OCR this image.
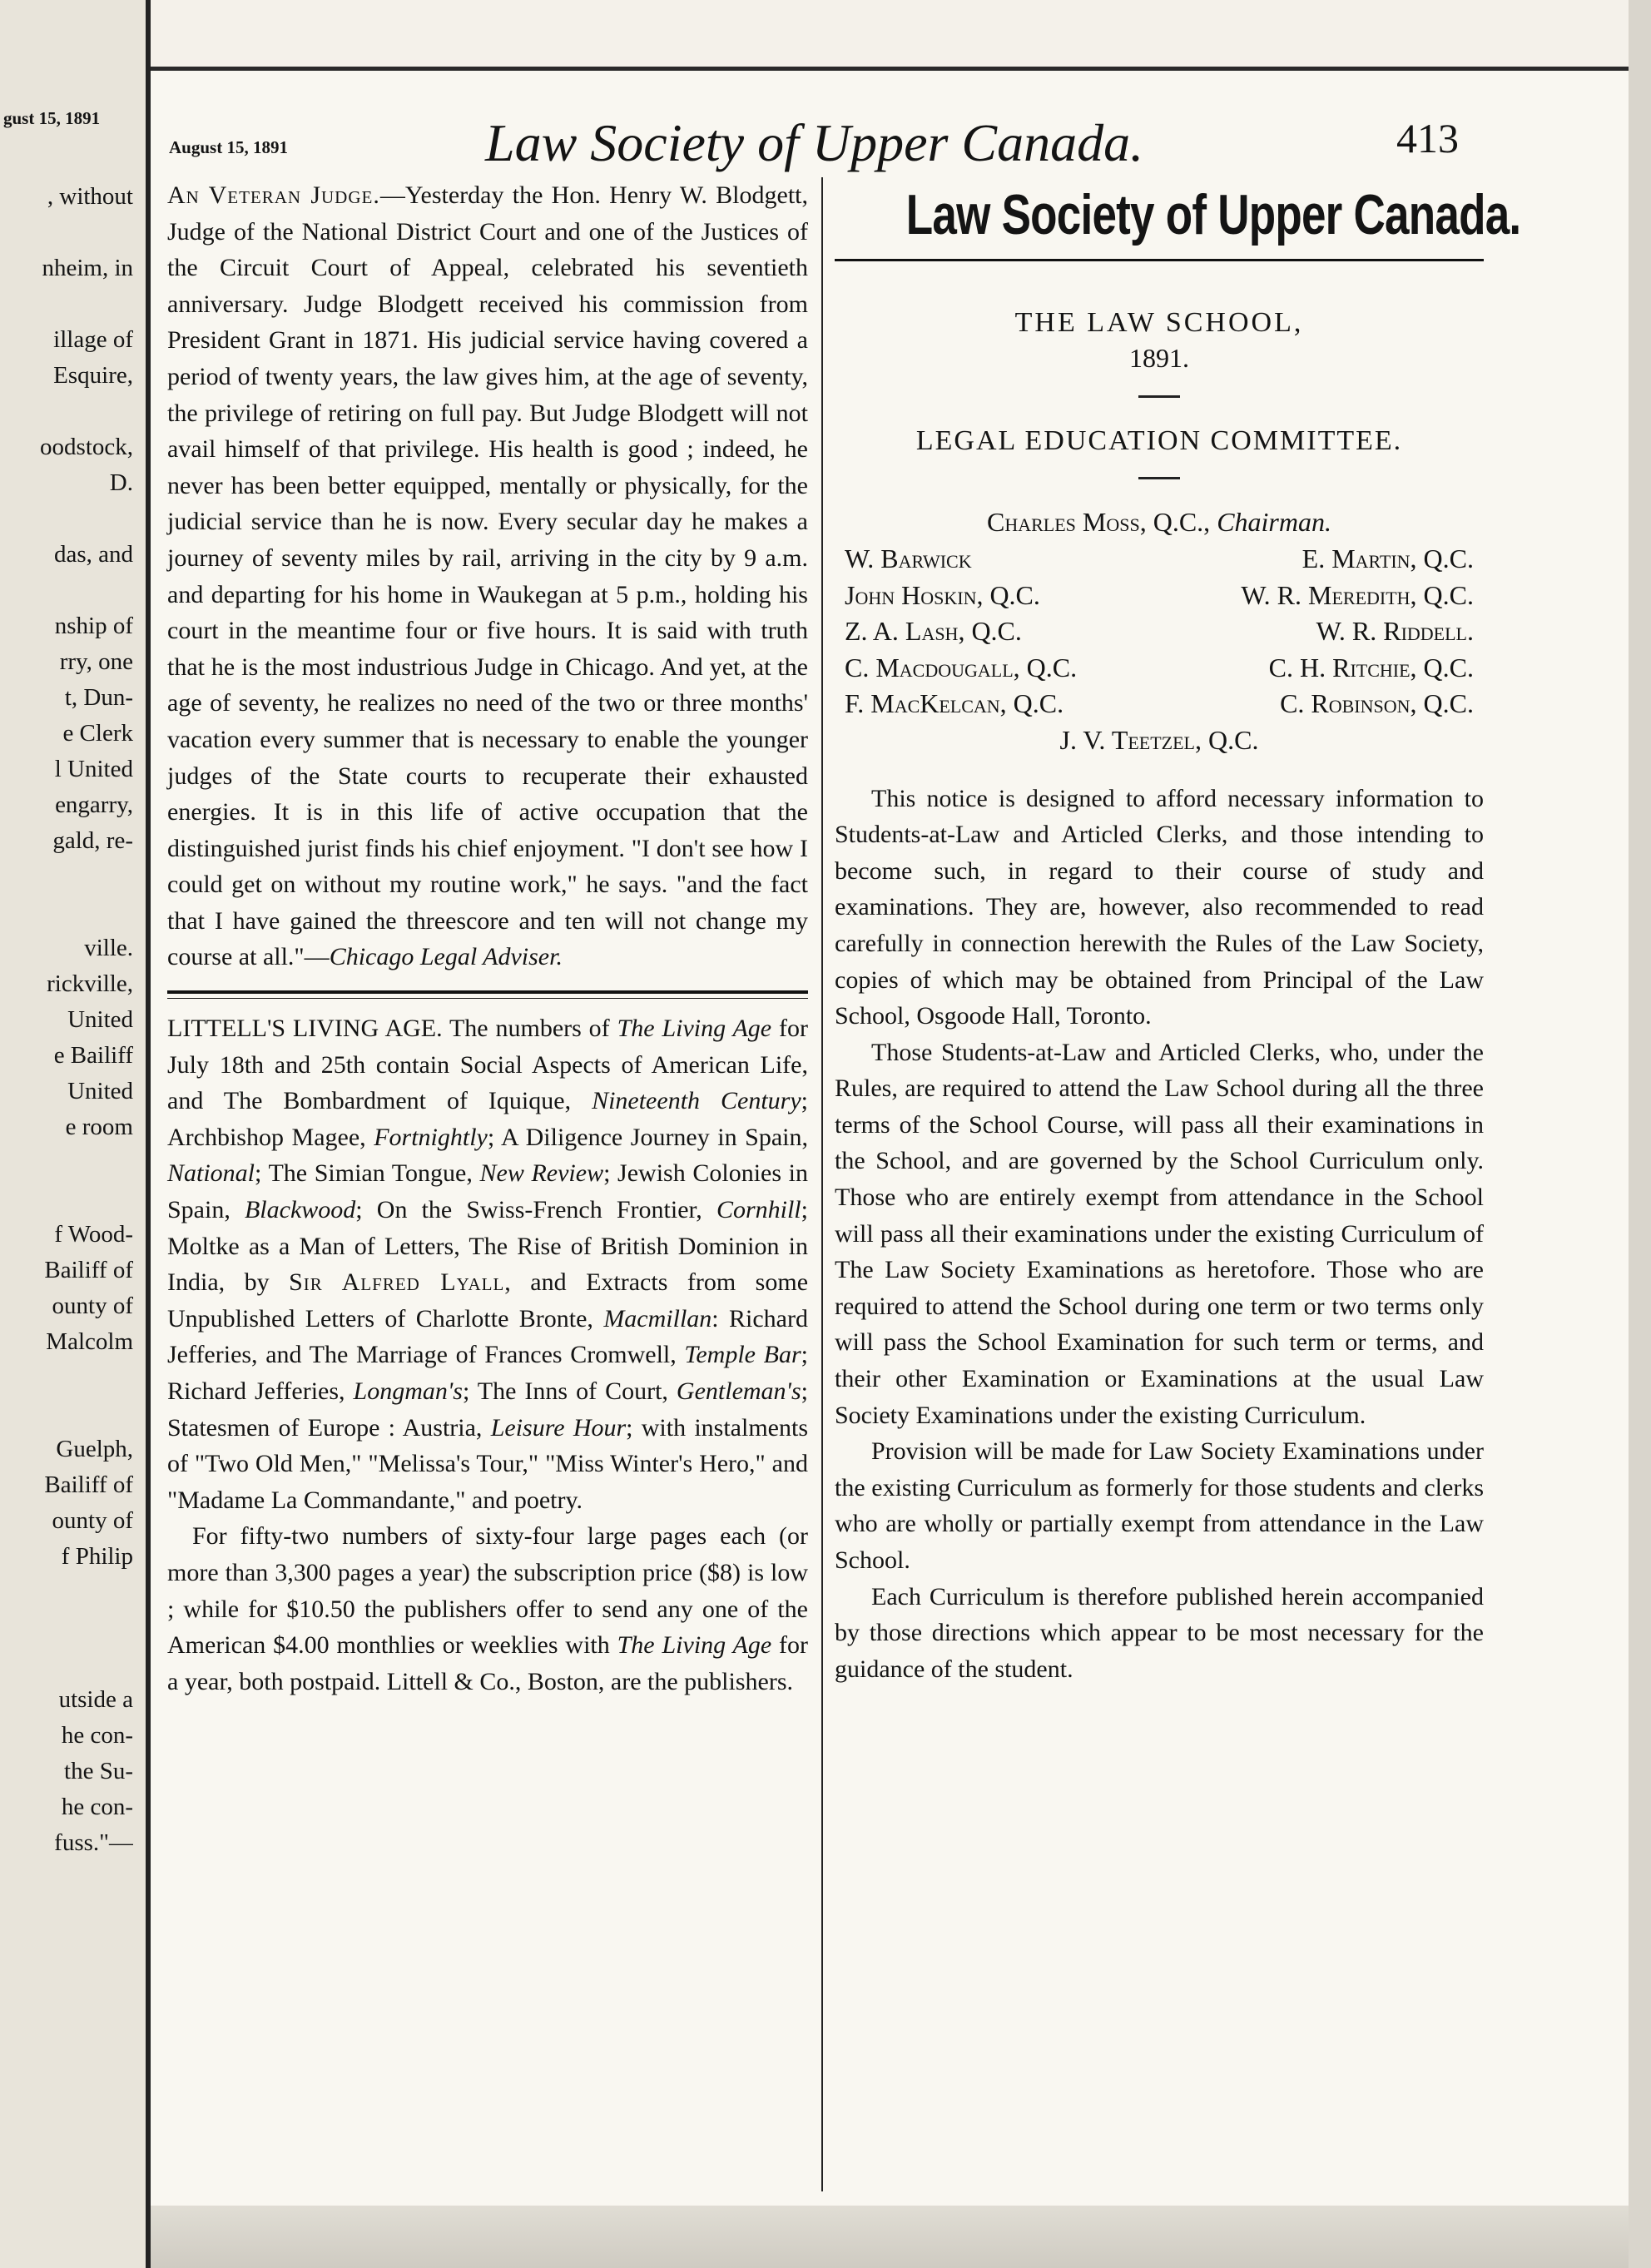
gust 15, 1891
, without

nheim, in

illage of
Esquire,

oodstock,
D.

das, and

nship of
rry, one
t, Dun-
e Clerk
l United
engarry,
gald, re-

ville.
rickville,
United
e Bailiff
United
e room

f Wood-
Bailiff of
ounty of
Malcolm

Guelph,
Bailiff of
ounty of
f Philip

utside a
he con-
the Su-
he con-
fuss."—
August 15, 1891	Law Society of Upper Canada.	413

An Veteran Judge.—Yesterday the Hon. Henry W. Blodgett, Judge of the National District Court and one of the Justices of the Circuit Court of Appeal, celebrated his seventieth anniversary. Judge Blodgett received his commission from President Grant in 1871. His judicial service having covered a period of twenty years, the law gives him, at the age of seventy, the privilege of retiring on full pay. But Judge Blodgett will not avail himself of that privilege. His health is good ; indeed, he never has been better equipped, mentally or physically, for the judicial service than he is now. Every secular day he makes a journey of seventy miles by rail, arriving in the city by 9 a.m. and departing for his home in Waukegan at 5 p.m., holding his court in the meantime four or five hours. It is said with truth that he is the most industrious Judge in Chicago. And yet, at the age of seventy, he realizes no need of the two or three months' vacation every summer that is necessary to enable the younger judges of the State courts to recuperate their exhausted energies. It is in this life of active occupation that the distinguished jurist finds his chief enjoyment. "I don't see how I could get on without my routine work," he says. "and the fact that I have gained the threescore and ten will not change my course at all."—Chicago Legal Adviser.

LITTELL'S LIVING AGE. The numbers of The Living Age for July 18th and 25th contain Social Aspects of American Life, and The Bombardment of Iquique, Nineteenth Century; Archbishop Magee, Fortnightly; A Diligence Journey in Spain, National; The Simian Tongue, New Review; Jewish Colonies in Spain, Blackwood; On the Swiss-French Frontier, Cornhill; Moltke as a Man of Letters, The Rise of British Dominion in India, by Sir Alfred Lyall, and Extracts from some Unpublished Letters of Charlotte Bronte, Macmillan: Richard Jefferies, and The Marriage of Frances Cromwell, Temple Bar; Richard Jefferies, Longman's; The Inns of Court, Gentleman's; Statesmen of Europe : Austria, Leisure Hour; with instalments of "Two Old Men," "Melissa's Tour," "Miss Winter's Hero," and "Madame La Commandante," and poetry.

For fifty-two numbers of sixty-four large pages each (or more than 3,300 pages a year) the subscription price ($8) is low ; while for $10.50 the publishers offer to send any one of the American $4.00 monthlies or weeklies with The Living Age for a year, both postpaid. Littell & Co., Boston, are the publishers.

Law Society of Upper Canada.
THE LAW SCHOOL,
1891.
LEGAL EDUCATION COMMITTEE.
Charles Moss, Q.C., Chairman.
W. Barwick	E. Martin, Q.C.
John Hoskin, Q.C.	W. R. Meredith, Q.C.
Z. A. Lash, Q.C.	W. R. Riddell.
C. Macdougall, Q.C.	C. H. Ritchie, Q.C.
F. MacKelcan, Q.C.	C. Robinson, Q.C.
J. V. Teetzel, Q.C.

This notice is designed to afford necessary information to Students-at-Law and Articled Clerks, and those intending to become such, in regard to their course of study and examinations. They are, however, also recommended to read carefully in connection herewith the Rules of the Law Society, copies of which may be obtained from Principal of the Law School, Osgoode Hall, Toronto.

Those Students-at-Law and Articled Clerks, who, under the Rules, are required to attend the Law School during all the three terms of the School Course, will pass all their examinations in the School, and are governed by the School Curriculum only. Those who are entirely exempt from attendance in the School will pass all their examinations under the existing Curriculum of The Law Society Examinations as heretofore. Those who are required to attend the School during one term or two terms only will pass the School Examination for such term or terms, and their other Examination or Examinations at the usual Law Society Examinations under the existing Curriculum.

Provision will be made for Law Society Examinations under the existing Curriculum as formerly for those students and clerks who are wholly or partially exempt from attendance in the Law School.

Each Curriculum is therefore published herein accompanied by those directions which appear to be most necessary for the guidance of the student.
